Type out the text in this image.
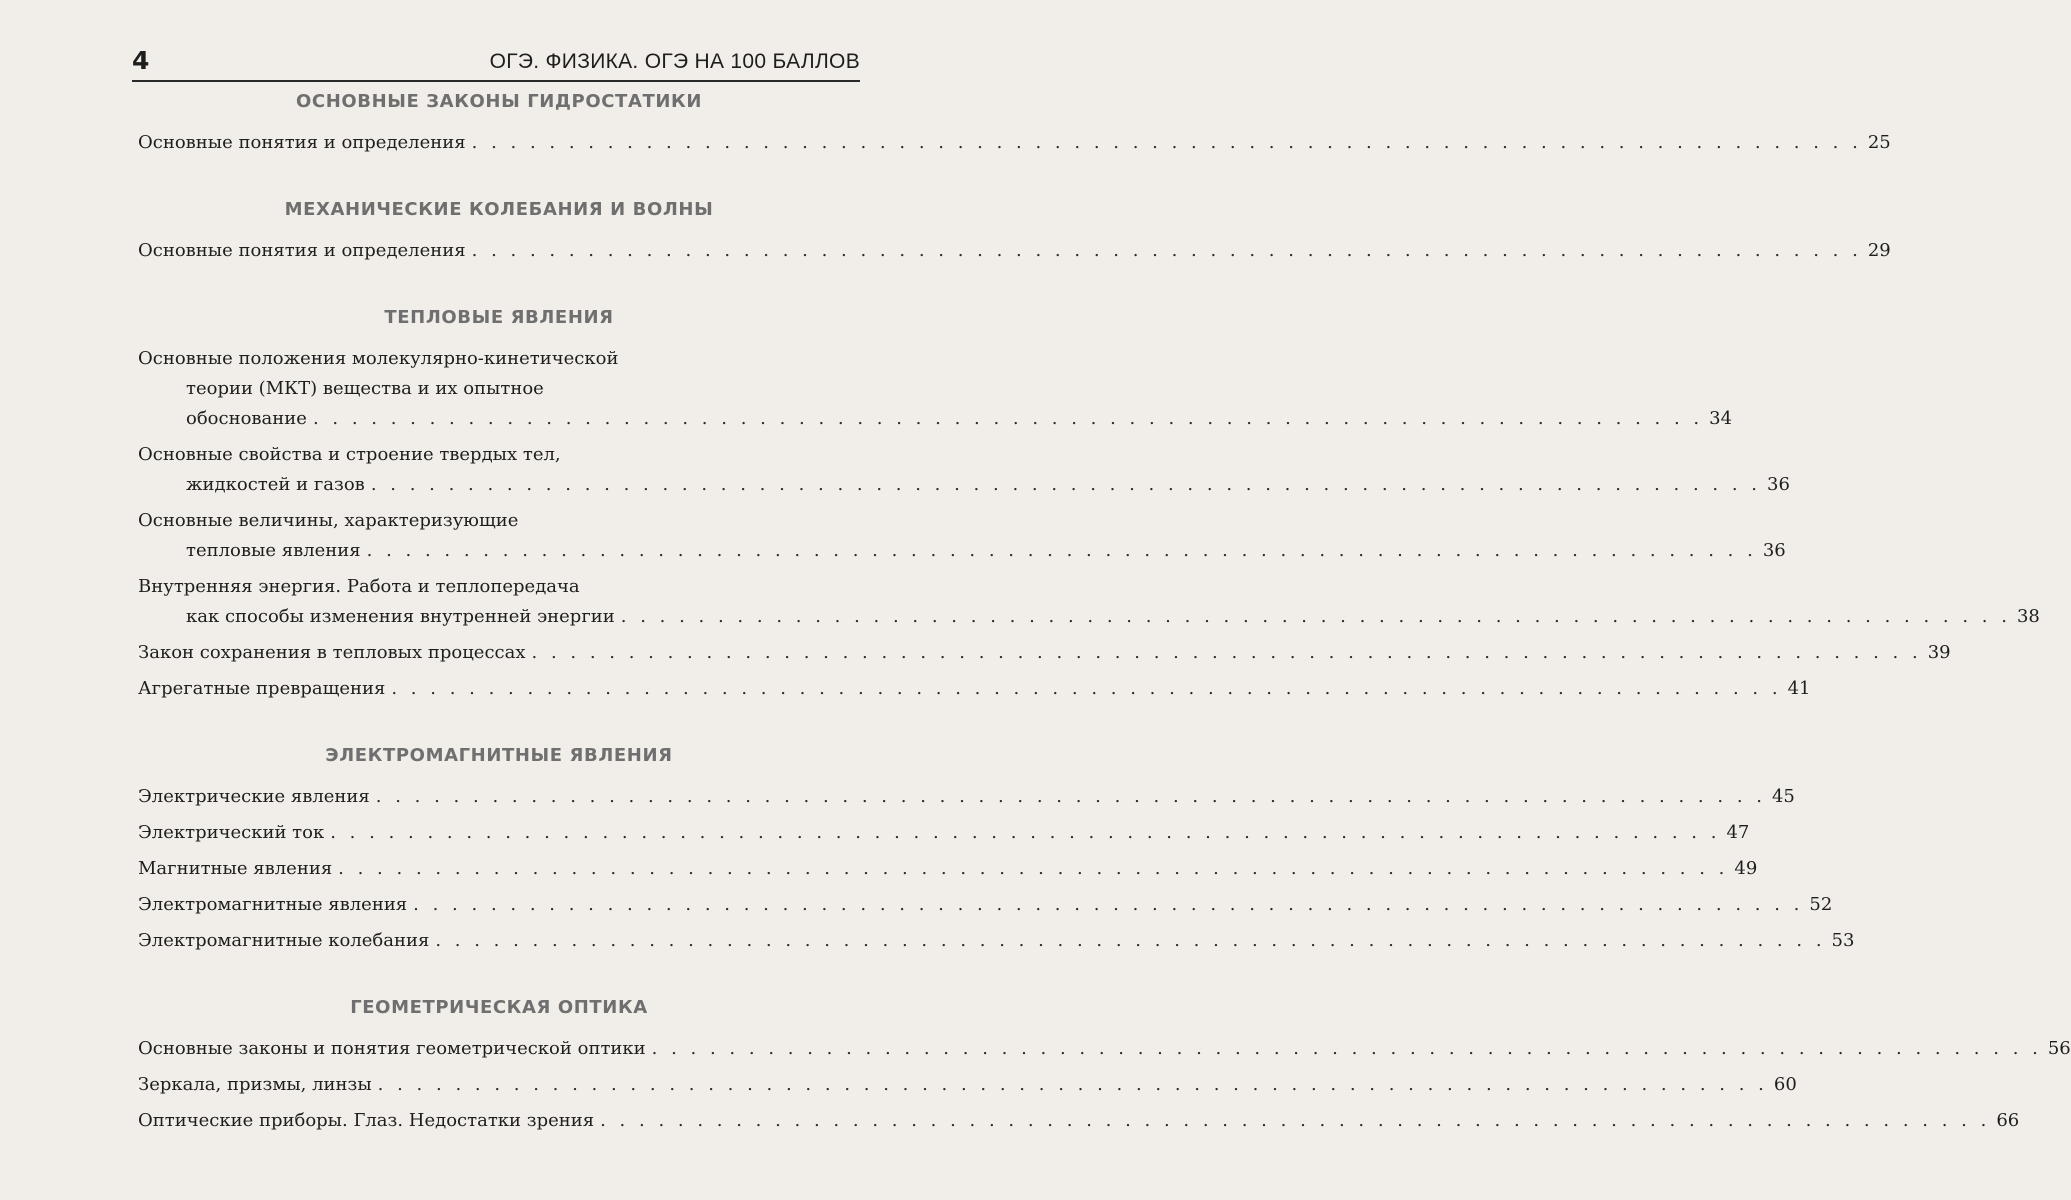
4	ОГЭ. ФИЗИКА. ОГЭ НА 100 БАЛЛОВ
ОСНОВНЫЕ ЗАКОНЫ ГИДРОСТАТИКИ
Основные понятия и определения . . . . . . . . . . . . . . . . . . . . . . . . . . . . . . . . . . . . . . . . . . . . . . . . . . . . . . . . . . . . . . . . . . . . . . . . 25
МЕХАНИЧЕСКИЕ КОЛЕБАНИЯ И ВОЛНЫ
Основные понятия и определения . . . . . . . . . . . . . . . . . . . . . . . . . . . . . . . . . . . . . . . . . . . . . . . . . . . . . . . . . . . . . . . . . . . . . . . . 29
ТЕПЛОВЫЕ ЯВЛЕНИЯ
Основные положения молекулярно-кинетической
теории (МКТ) вещества и их опытное
обоснование . . . . . . . . . . . . . . . . . . . . . . . . . . . . . . . . . . . . . . . . . . . . . . . . . . . . . . . . . . . . . . . . . . . . . . . . 34
Основные свойства и строение твердых тел,
жидкостей и газов . . . . . . . . . . . . . . . . . . . . . . . . . . . . . . . . . . . . . . . . . . . . . . . . . . . . . . . . . . . . . . . . . . . . . . . . 36
Основные величины, характеризующие
тепловые явления . . . . . . . . . . . . . . . . . . . . . . . . . . . . . . . . . . . . . . . . . . . . . . . . . . . . . . . . . . . . . . . . . . . . . . . . 36
Внутренняя энергия. Работа и теплопередача
как способы изменения внутренней энергии . . . . . . . . . . . . . . . . . . . . . . . . . . . . . . . . . . . . . . . . . . . . . . . . . . . . . . . . . . . . . . . . . . . . . . . . 38
Закон сохранения в тепловых процессах . . . . . . . . . . . . . . . . . . . . . . . . . . . . . . . . . . . . . . . . . . . . . . . . . . . . . . . . . . . . . . . . . . . . . . . . 39
Агрегатные превращения . . . . . . . . . . . . . . . . . . . . . . . . . . . . . . . . . . . . . . . . . . . . . . . . . . . . . . . . . . . . . . . . . . . . . . . . 41
ЭЛЕКТРОМАГНИТНЫЕ ЯВЛЕНИЯ
Электрические явления . . . . . . . . . . . . . . . . . . . . . . . . . . . . . . . . . . . . . . . . . . . . . . . . . . . . . . . . . . . . . . . . . . . . . . . . 45
Электрический ток . . . . . . . . . . . . . . . . . . . . . . . . . . . . . . . . . . . . . . . . . . . . . . . . . . . . . . . . . . . . . . . . . . . . . . . . 47
Магнитные явления . . . . . . . . . . . . . . . . . . . . . . . . . . . . . . . . . . . . . . . . . . . . . . . . . . . . . . . . . . . . . . . . . . . . . . . . 49
Электромагнитные явления . . . . . . . . . . . . . . . . . . . . . . . . . . . . . . . . . . . . . . . . . . . . . . . . . . . . . . . . . . . . . . . . . . . . . . . . 52
Электромагнитные колебания . . . . . . . . . . . . . . . . . . . . . . . . . . . . . . . . . . . . . . . . . . . . . . . . . . . . . . . . . . . . . . . . . . . . . . . . 53
ГЕОМЕТРИЧЕСКАЯ ОПТИКА
Основные законы и понятия геометрической оптики . . . . . . . . . . . . . . . . . . . . . . . . . . . . . . . . . . . . . . . . . . . . . . . . . . . . . . . . . . . . . . . . . . . . . . . . 56
Зеркала, призмы, линзы . . . . . . . . . . . . . . . . . . . . . . . . . . . . . . . . . . . . . . . . . . . . . . . . . . . . . . . . . . . . . . . . . . . . . . . . 60
Оптические приборы. Глаз. Недостатки зрения . . . . . . . . . . . . . . . . . . . . . . . . . . . . . . . . . . . . . . . . . . . . . . . . . . . . . . . . . . . . . . . . . . . . . . . . 66
